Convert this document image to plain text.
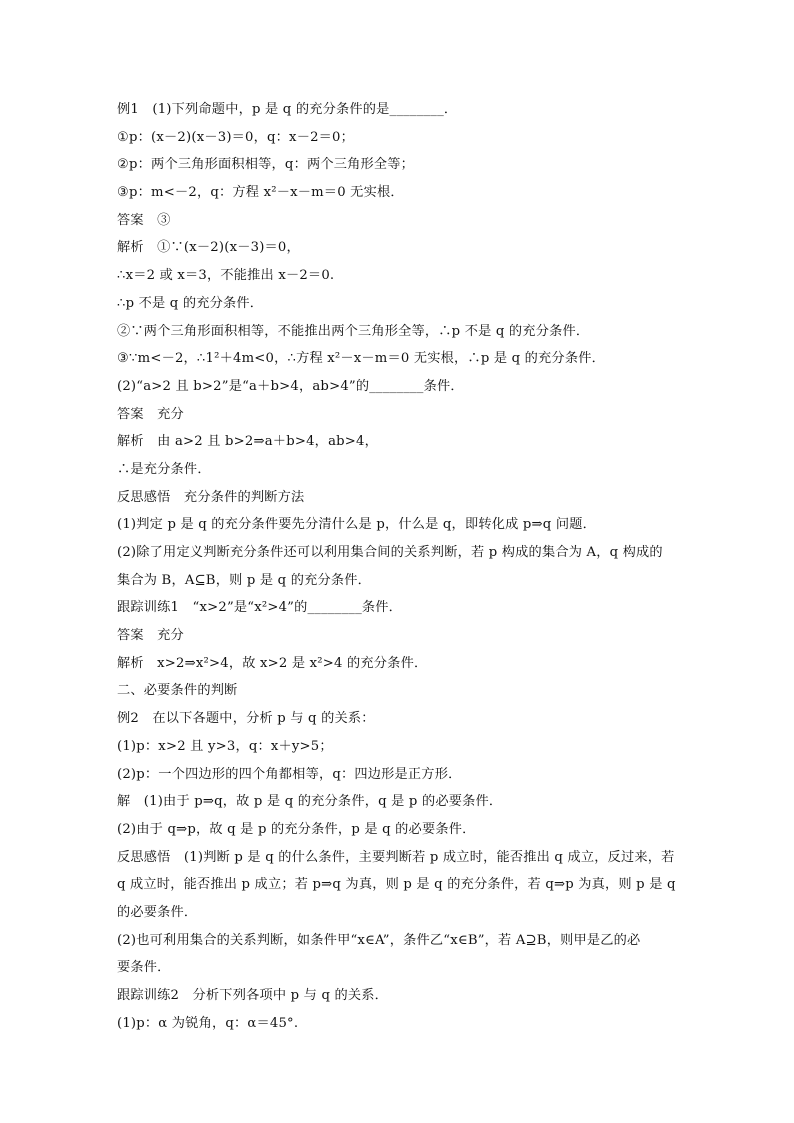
例1　(1)下列命题中，p 是 q 的充分条件的是________．
①p：(x－2)(x－3)＝0，q：x－2＝0；
②p：两个三角形面积相等，q：两个三角形全等；
③p：m<－2，q：方程 x²－x－m＝0 无实根．
答案　③
解析　①∵(x－2)(x－3)＝0，
∴x＝2 或 x＝3，不能推出 x－2＝0.
∴p 不是 q 的充分条件．
②∵两个三角形面积相等，不能推出两个三角形全等，∴p 不是 q 的充分条件．
③∵m<－2，∴1²＋4m<0，∴方程 x²－x－m＝0 无实根，∴p 是 q 的充分条件．
(2)“a>2 且 b>2”是“a＋b>4，ab>4”的________条件．
答案　充分
解析　由 a>2 且 b>2⇒a＋b>4，ab>4，
∴是充分条件．
反思感悟　充分条件的判断方法
(1)判定 p 是 q 的充分条件要先分清什么是 p，什么是 q，即转化成 p⇒q 问题．
(2)除了用定义判断充分条件还可以利用集合间的关系判断，若 p 构成的集合为 A，q 构成的
集合为 B，A⊆B，则 p 是 q 的充分条件．
跟踪训练1　“x>2”是“x²>4”的________条件．
答案　充分
解析　x>2⇒x²>4，故 x>2 是 x²>4 的充分条件．
二、必要条件的判断
例2　在以下各题中，分析 p 与 q 的关系：
(1)p：x>2 且 y>3，q：x＋y>5；
(2)p：一个四边形的四个角都相等，q：四边形是正方形．
解　(1)由于 p⇒q，故 p 是 q 的充分条件，q 是 p 的必要条件．
(2)由于 q⇒p，故 q 是 p 的充分条件，p 是 q 的必要条件．
反思感悟　(1)判断 p 是 q 的什么条件，主要判断若 p 成立时，能否推出 q 成立，反过来，若
q 成立时，能否推出 p 成立；若 p⇒q 为真，则 p 是 q 的充分条件，若 q⇒p 为真，则 p 是 q
的必要条件．
(2)也可利用集合的关系判断，如条件甲“x∈A”，条件乙“x∈B”，若 A⊇B，则甲是乙的必
要条件．
跟踪训练2　分析下列各项中 p 与 q 的关系．
(1)p：α 为锐角，q：α＝45°.
